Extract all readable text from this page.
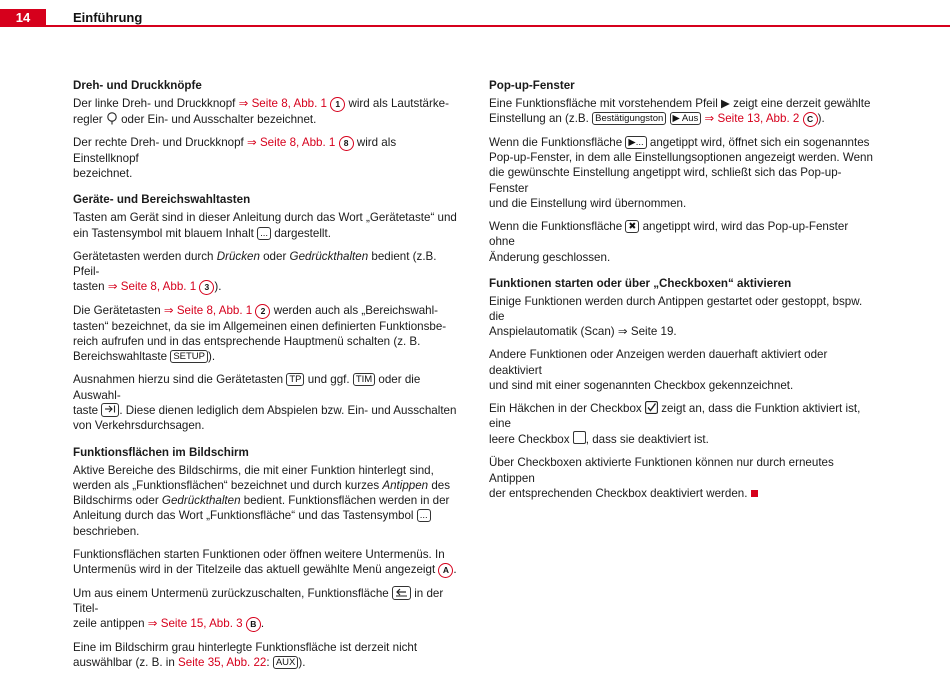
14	Einführung
Dreh- und Druckknöpfe

Der linke Dreh- und Druckknopf ⇒ Seite 8, Abb. 1 1 wird als Lautstärke-
regler  oder Ein- und Ausschalter bezeichnet.

Der rechte Dreh- und Druckknopf ⇒ Seite 8, Abb. 1 8 wird als Einstellknopf
bezeichnet.

Geräte- und Bereichswahltasten

Tasten am Gerät sind in dieser Anleitung durch das Wort „Gerätetaste“ und
ein Tastensymbol mit blauem Inhalt ... dargestellt.

Gerätetasten werden durch Drücken oder Gedrückthalten bedient (z.B. Pfeil-
tasten ⇒ Seite 8, Abb. 1 3 ).

Die Gerätetasten ⇒ Seite 8, Abb. 1 2 werden auch als „Bereichswahl-
tasten“ bezeichnet, da sie im Allgemeinen einen definierten Funktionsbe-
reich aufrufen und in das entsprechende Hauptmenü schalten (z. B.
Bereichswahltaste SETUP ).

Ausnahmen hierzu sind die Gerätetasten TP und ggf. TIM oder die Auswahl-
taste . Diese dienen lediglich dem Abspielen bzw. Ein- und Ausschalten
von Verkehrsdurchsagen.

Funktionsflächen im Bildschirm

Aktive Bereiche des Bildschirms, die mit einer Funktion hinterlegt sind,
werden als „Funktionsflächen“ bezeichnet und durch kurzes Antippen des
Bildschirms oder Gedrückthalten bedient. Funktionsflächen werden in der
Anleitung durch das Wort „Funktionsfläche“ und das Tastensymbol ...
beschrieben.

Funktionsflächen starten Funktionen oder öffnen weitere Untermenüs. In
Untermenüs wird in der Titelzeile das aktuell gewählte Menü angezeigt A .

Um aus einem Untermenü zurückzuschalten, Funktionsfläche  in der Titel-
zeile antippen ⇒ Seite 15, Abb. 3 B .

Eine im Bildschirm grau hinterlegte Funktionsfläche ist derzeit nicht
auswählbar (z. B. in Seite 35, Abb. 22: AUX ).

Pop-up-Fenster

Eine Funktionsfläche mit vorstehendem Pfeil ▶ zeigt eine derzeit gewählte
Einstellung an (z.B. Bestätigungston ▶ Aus ⇒ Seite 13, Abb. 2 C ).

Wenn die Funktionsfläche ▶... angetippt wird, öffnet sich ein sogenanntes
Pop-up-Fenster, in dem alle Einstellungsoptionen angezeigt werden. Wenn
die gewünschte Einstellung angetippt wird, schließt sich das Pop-up-Fenster
und die Einstellung wird übernommen.

Wenn die Funktionsfläche ✖ angetippt wird, wird das Pop-up-Fenster ohne
Änderung geschlossen.

Funktionen starten oder über „Checkboxen“ aktivieren

Einige Funktionen werden durch Antippen gestartet oder gestoppt, bspw. die
Anspielautomatik (Scan) ⇒ Seite 19.

Andere Funktionen oder Anzeigen werden dauerhaft aktiviert oder deaktiviert
und sind mit einer sogenannten Checkbox gekennzeichnet.

Ein Häkchen in der Checkbox  zeigt an, dass die Funktion aktiviert ist, eine
leere Checkbox , dass sie deaktiviert ist.

Über Checkboxen aktivierte Funktionen können nur durch erneutes Antippen
der entsprechenden Checkbox deaktiviert werden.
